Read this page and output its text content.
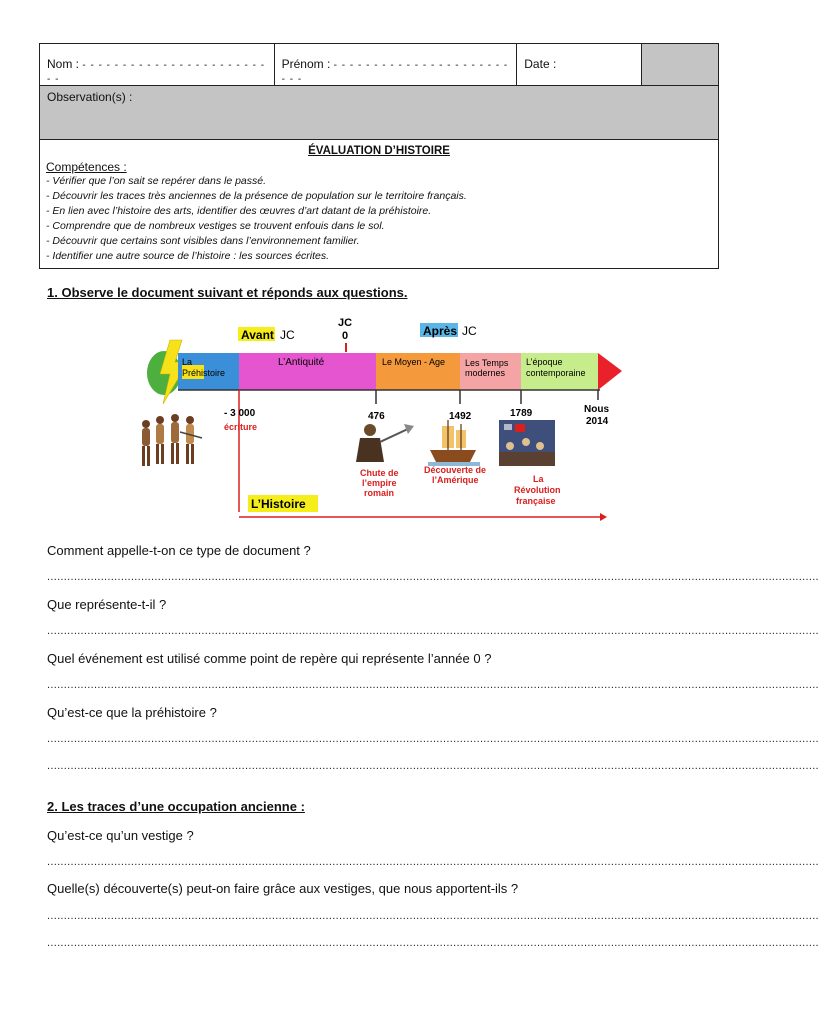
Nom : - - - - - - - - - - - - - - - - - - - - - - - - -	Prénom : - - - - - - - - - - - - - - - - - - - - - - - - -	Date :	
Observation(s) :

ÉVALUATION D’HISTOIRE
Compétences :
- Vérifier que l’on sait se repérer dans le passé.
- Découvrir les traces très anciennes de la présence de population sur le territoire français.
- En lien avec l’histoire des arts, identifier des œuvres d’art datant de la préhistoire.
- Comprendre que de nombreux vestiges se trouvent enfouis dans le sol.
- Découvrir que certains sont visibles dans l’environnement familier.
- Identifier une autre source de l’histoire : les sources écrites.
1. Observe le document suivant et réponds aux questions.
Avant JC
JC
0	Après JC
La
Préhistoire
L’Antiquité	Le Moyen - Age Les Temps
modernes
L’époque
contemporaine
- 3 000
écriture
476	1492	1789	Nous
2014
Chute de
l’empire
romain
Découverte de
l’Amérique	La
Révolution
française
L’Histoire
Comment appelle-t-on ce type de document ?
......................................................................................................................................................................................................................................
Que représente-t-il ?
......................................................................................................................................................................................................................................
Quel événement est utilisé comme point de repère qui représente l’année 0 ?
......................................................................................................................................................................................................................................
Qu’est-ce que la préhistoire ?
......................................................................................................................................................................................................................................
......................................................................................................................................................................................................................................
2. Les traces d’une occupation ancienne :
Qu’est-ce qu’un vestige ?
......................................................................................................................................................................................................................................
Quelle(s) découverte(s) peut-on faire grâce aux vestiges, que nous apportent-ils ?
......................................................................................................................................................................................................................................
......................................................................................................................................................................................................................................
